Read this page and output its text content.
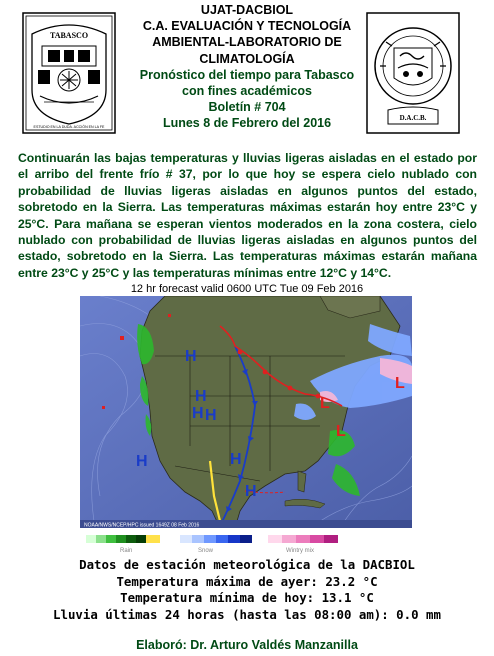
TABASCO
ESTUDIO EN LA DUDA. ACCIÓN EN LA FE
UJAT-DACBIOL
C.A. EVALUACIÓN Y TECNOLOGÍA
AMBIENTAL-LABORATORIO DE
CLIMATOLOGÍA
Pronóstico del tiempo para Tabasco
con fines académicos
Boletín # 704
Lunes 8 de Febrero del 2016	D.A.C.B.
Continuarán las bajas temperaturas y lluvias ligeras aisladas en el estado por el arribo del frente frío # 37, por lo que hoy se espera cielo nublado con probabilidad de lluvias ligeras aisladas en algunos puntos del estado, sobretodo en la Sierra. Las temperaturas máximas estarán hoy entre 23°C y 25°C. Para mañana se esperan vientos moderados en la zona costera, cielo nublado con probabilidad de lluvias ligeras aisladas en algunos puntos del estado, sobretodo en la Sierra. Las temperaturas máximas estarán mañana entre 23°C y 25°C y las temperaturas mínimas entre 12°C y 14°C.
12 hr forecast valid 0600 UTC Tue 09 Feb 2016
H
H
H H
H
H
H
L
L
L
NOAA/NWS/NCEP/HPC issued 1649Z 08 Feb 2016
Rain	Snow	Wintry mix
Datos de estación meteorológica de la DACBIOL
Temperatura máxima de ayer: 23.2 °C
Temperatura mínima de hoy: 13.1 °C
Lluvia últimas 24 horas (hasta las 08:00 am): 0.0 mm
Elaboró: Dr. Arturo Valdés Manzanilla
